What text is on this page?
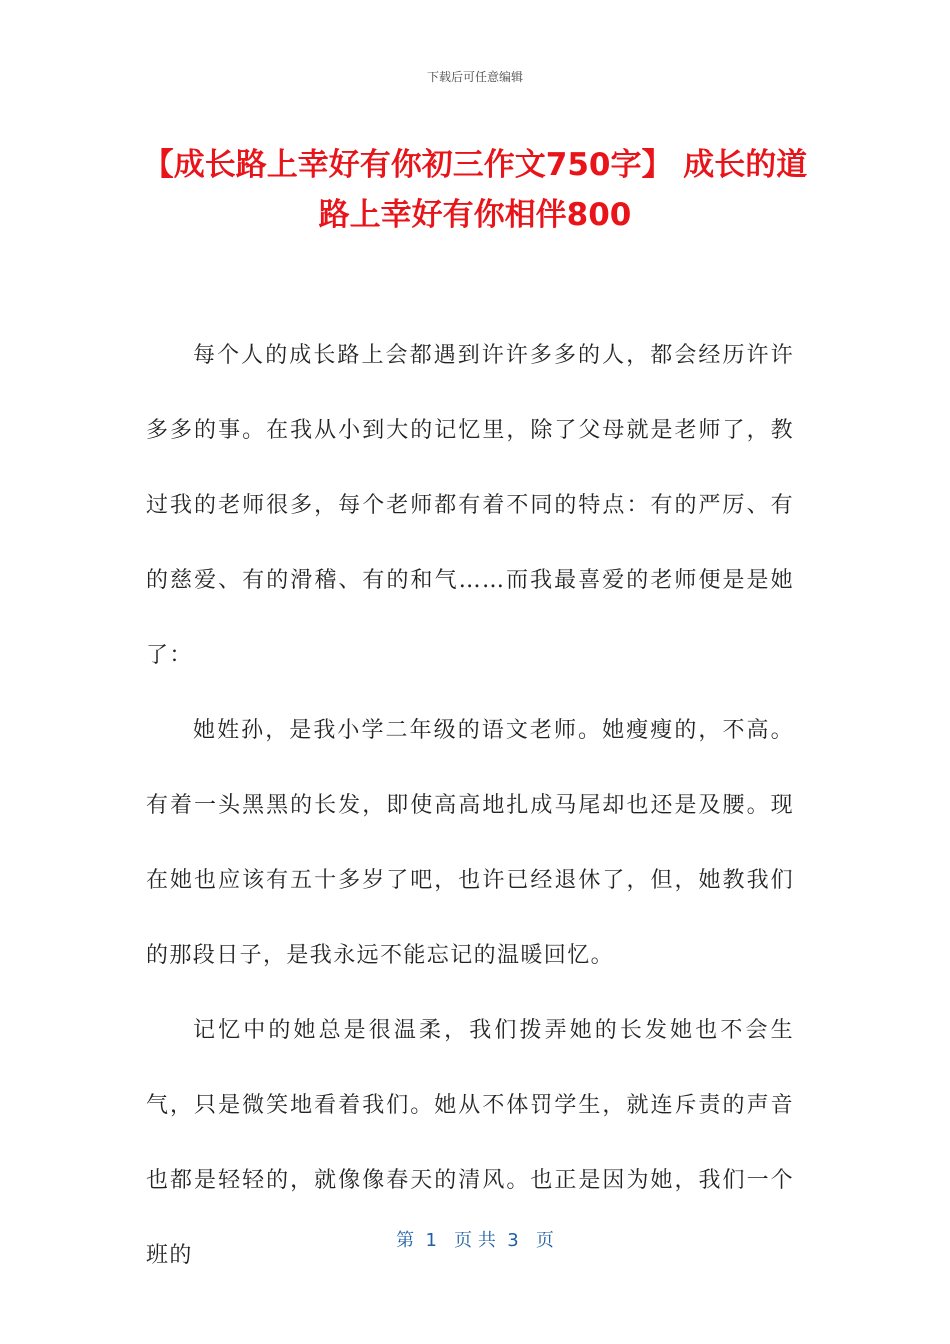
下载后可任意编辑
【成长路上幸好有你初三作文750字】 成长的道路上幸好有你相伴800

每个人的成长路上会都遇到许许多多的人，都会经历许许多多的事。在我从小到大的记忆里，除了父母就是老师了，教过我的老师很多，每个老师都有着不同的特点：有的严厉、有的慈爱、有的滑稽、有的和气……而我最喜爱的老师便是是她了：

她姓孙，是我小学二年级的语文老师。她瘦瘦的，不高。有着一头黑黑的长发，即使高高地扎成马尾却也还是及腰。现在她也应该有五十多岁了吧，也许已经退休了，但，她教我们的那段日子，是我永远不能忘记的温暖回忆。

记忆中的她总是很温柔，我们拨弄她的长发她也不会生气，只是微笑地看着我们。她从不体罚学生，就连斥责的声音也都是轻轻的，就像像春天的清风。也正是因为她，我们一个班的

第  1   页 共  3   页
